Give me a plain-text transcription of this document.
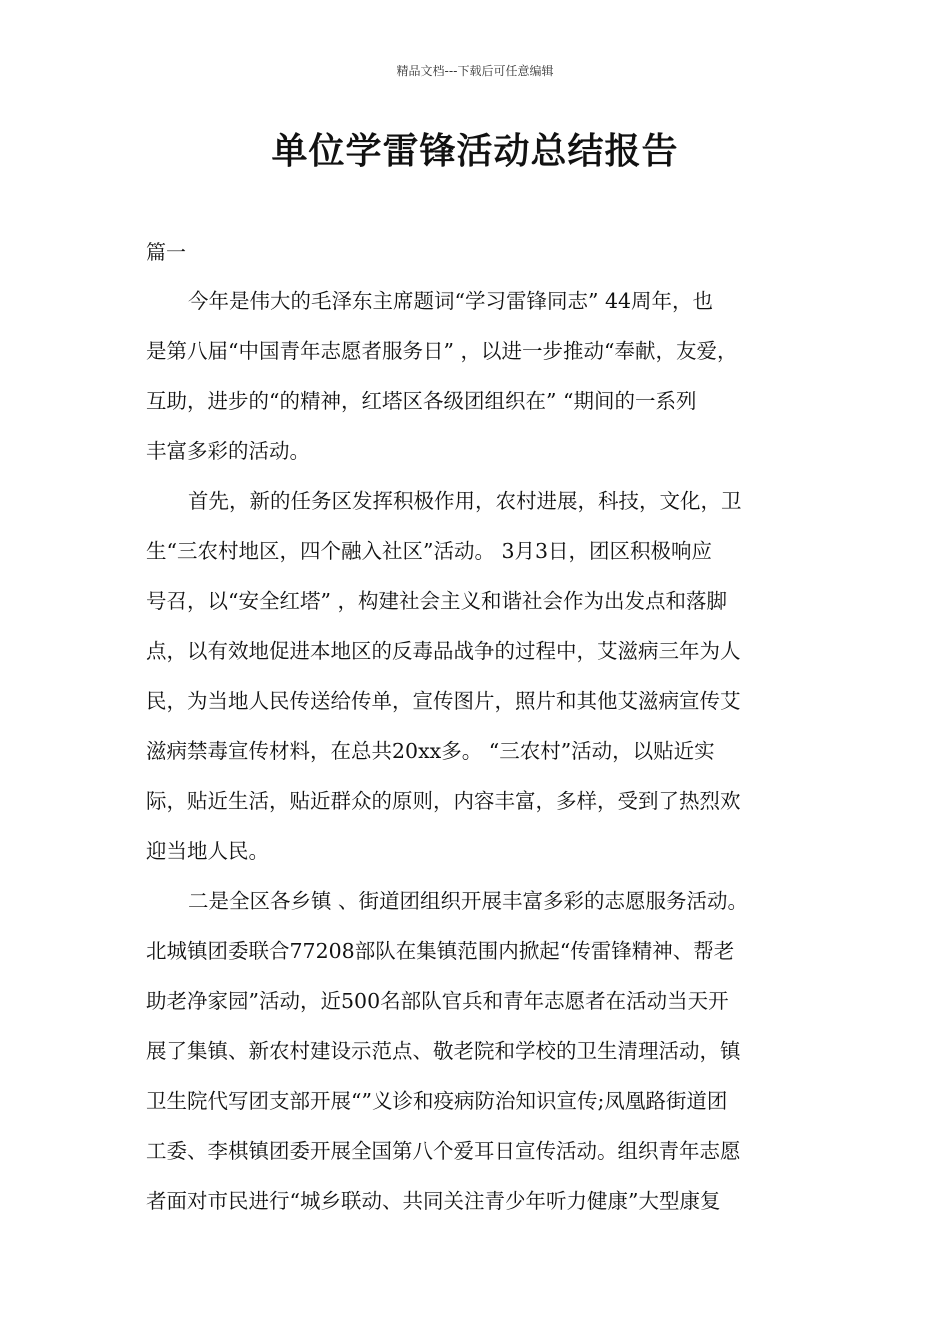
精品文档---下载后可任意编辑
单位学雷锋活动总结报告
篇一
今年是伟大的毛泽东主席题词“学习雷锋同志” 44周年，也
是第八届“中国青年志愿者服务日” ，以进一步推动“奉献，友爱，
互助，进步的“的精神，红塔区各级团组织在” “期间的一系列
丰富多彩的活动。
首先，新的任务区发挥积极作用，农村进展，科技，文化，卫
生“三农村地区，四个融入社区”活动。 3月3日，团区积极响应
号召，以“安全红塔” ，构建社会主义和谐社会作为出发点和落脚
点，以有效地促进本地区的反毒品战争的过程中，艾滋病三年为人
民，为当地人民传送给传单，宣传图片，照片和其他艾滋病宣传艾
滋病禁毒宣传材料，在总共20xx多。 “三农村”活动，以贴近实
际，贴近生活，贴近群众的原则，内容丰富，多样，受到了热烈欢
迎当地人民。
二是全区各乡镇 、街道团组织开展丰富多彩的志愿服务活动。
北城镇团委联合77208部队在集镇范围内掀起“传雷锋精神、帮老
助老净家园”活动，近500名部队官兵和青年志愿者在活动当天开
展了集镇、新农村建设示范点、敬老院和学校的卫生清理活动，镇
卫生院代写团支部开展“”义诊和疫病防治知识宣传;凤凰路街道团
工委、李棋镇团委开展全国第八个爱耳日宣传活动。组织青年志愿
者面对市民进行“城乡联动、共同关注青少年听力健康”大型康复
